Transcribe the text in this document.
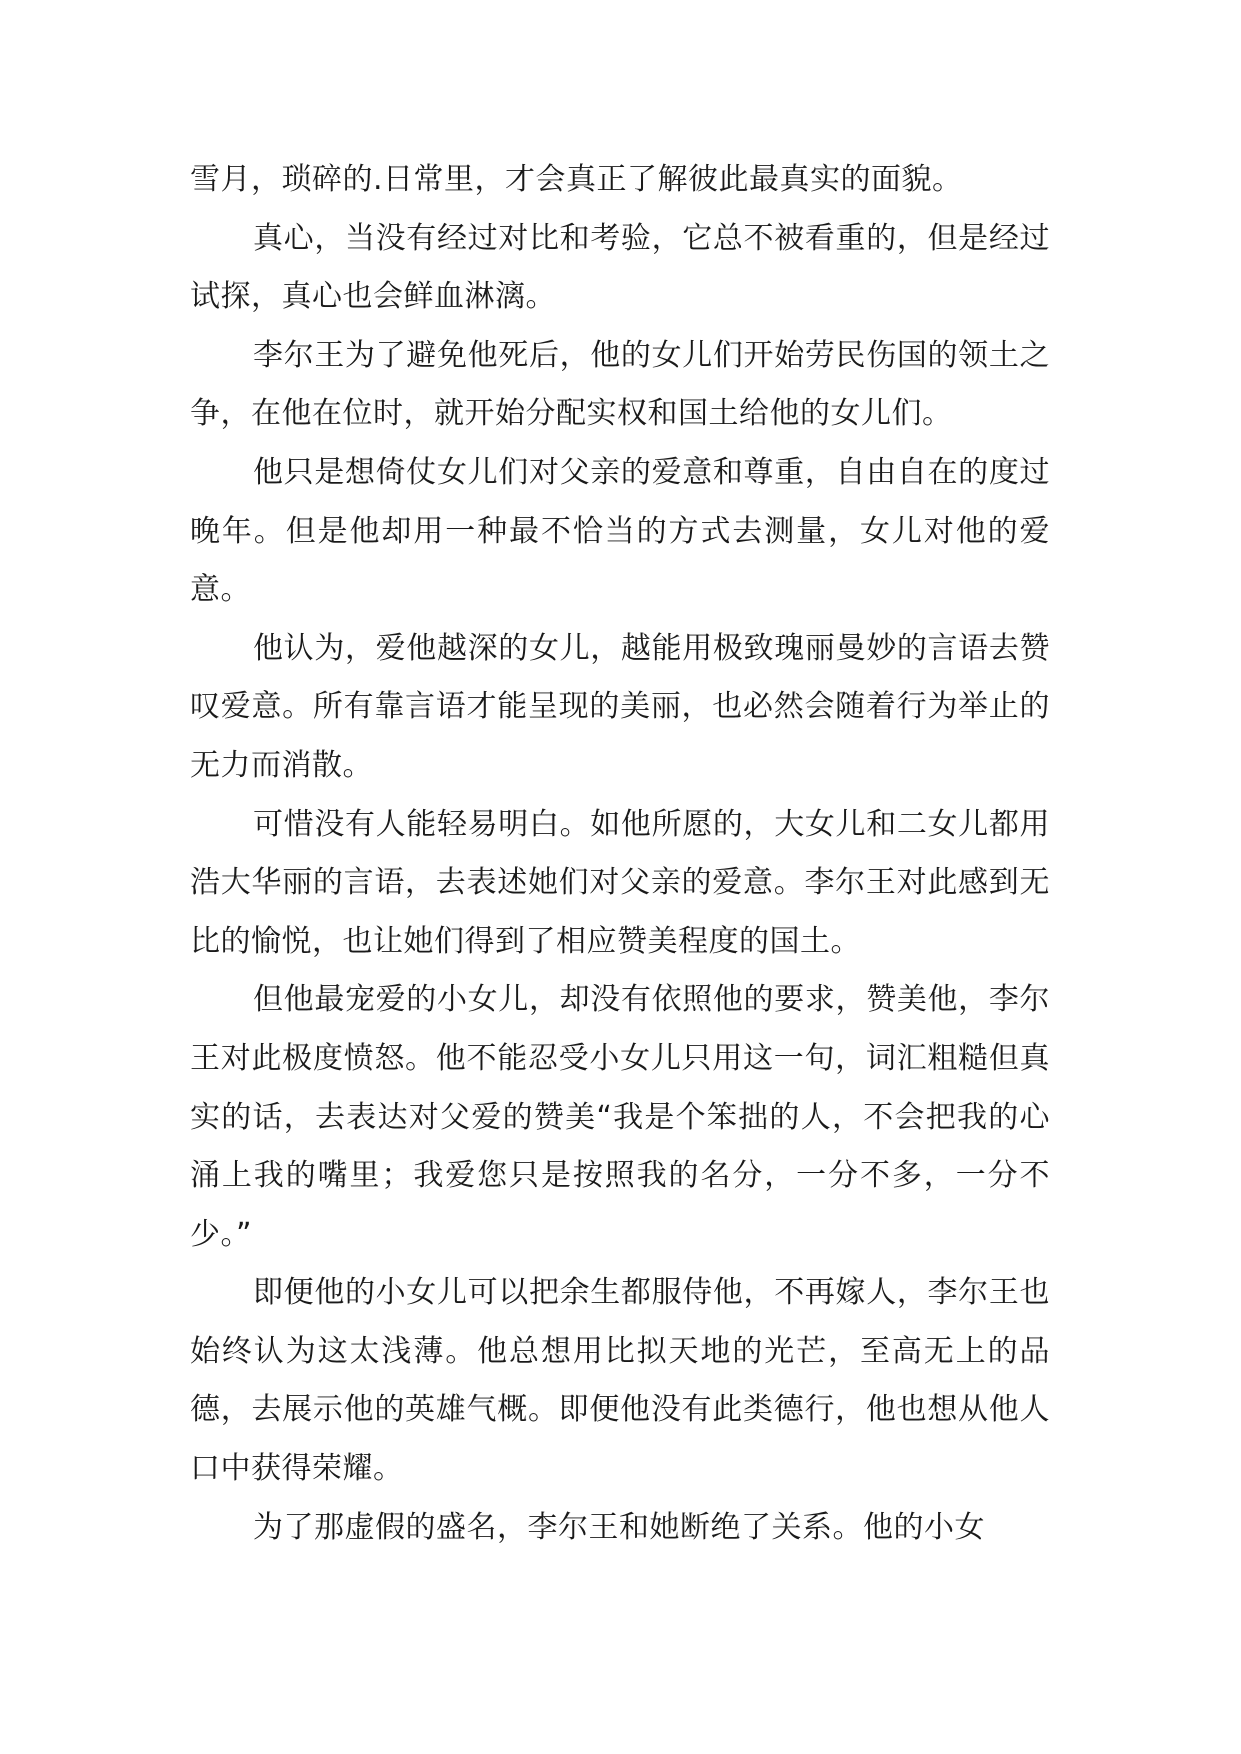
雪月，琐碎的.日常里，才会真正了解彼此最真实的面貌。

真心，当没有经过对比和考验，它总不被看重的，但是经过试探，真心也会鲜血淋漓。

李尔王为了避免他死后，他的女儿们开始劳民伤国的领土之争，在他在位时，就开始分配实权和国土给他的女儿们。

他只是想倚仗女儿们对父亲的爱意和尊重，自由自在的度过晚年。但是他却用一种最不恰当的方式去测量，女儿对他的爱意。

他认为，爱他越深的女儿，越能用极致瑰丽曼妙的言语去赞叹爱意。所有靠言语才能呈现的美丽，也必然会随着行为举止的无力而消散。

可惜没有人能轻易明白。如他所愿的，大女儿和二女儿都用浩大华丽的言语，去表述她们对父亲的爱意。李尔王对此感到无比的愉悦，也让她们得到了相应赞美程度的国土。

但他最宠爱的小女儿，却没有依照他的要求，赞美他，李尔王对此极度愤怒。他不能忍受小女儿只用这一句，词汇粗糙但真实的话，去表达对父爱的赞美“我是个笨拙的人，不会把我的心涌上我的嘴里；我爱您只是按照我的名分，一分不多，一分不少。”

即便他的小女儿可以把余生都服侍他，不再嫁人，李尔王也始终认为这太浅薄。他总想用比拟天地的光芒，至高无上的品德，去展示他的英雄气概。即便他没有此类德行，他也想从他人口中获得荣耀。

为了那虚假的盛名，李尔王和她断绝了关系。他的小女
